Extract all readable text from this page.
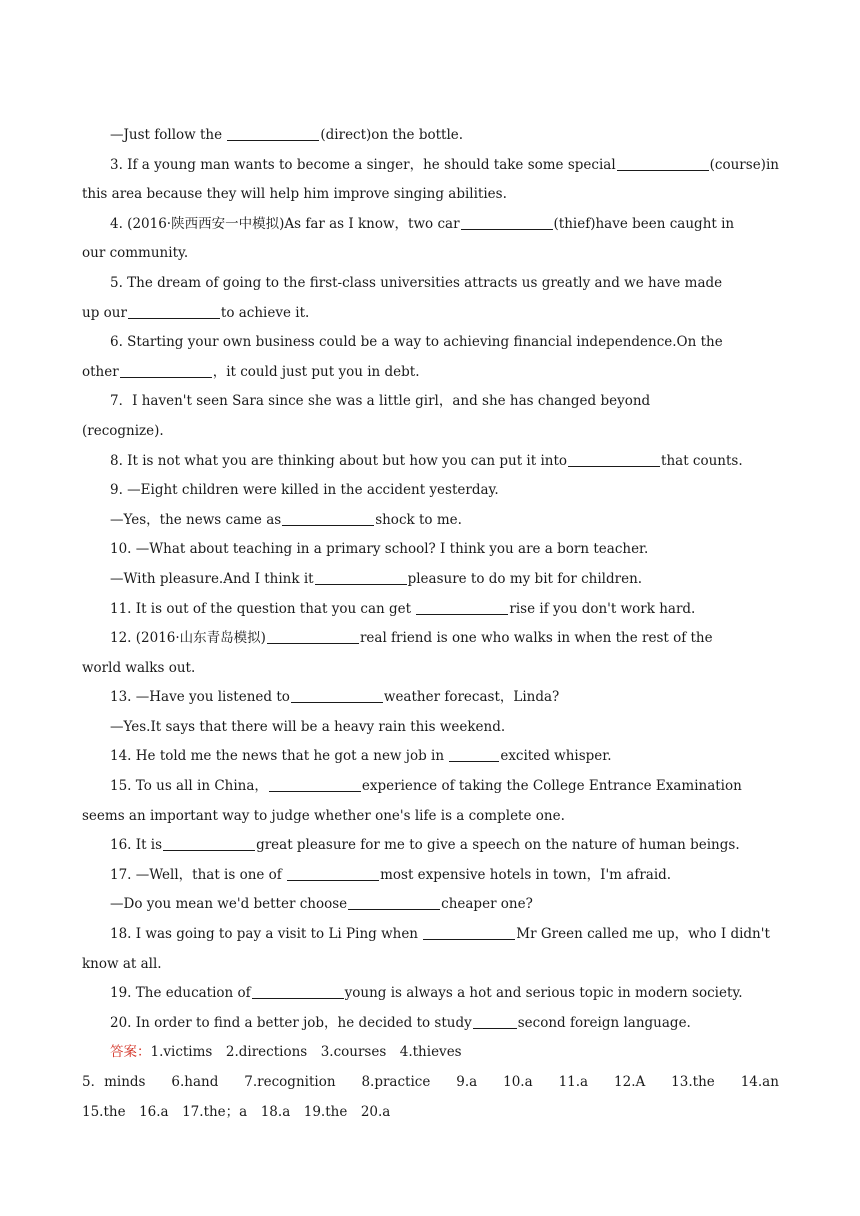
—Just follow the	(direct)on the bottle.
3. If a young man wants to become a singer，he should take some special	(course)in
this area because they will help him improve singing abilities.
4. (2016·陕西西安一中模拟)As far as I know，two car	(thief)have been caught in
our community.
5. The dream of going to the first-class universities attracts us greatly and we have made
up our	to achieve it.
6. Starting your own business could be a way to achieving financial independence.On the
other	，it could just put you in debt.
7．I haven't seen Sara since she was a little girl，and she has changed beyond
(recognize).
8. It is not what you are thinking about but how you can put it into	that counts.
9. —Eight children were killed in the accident yesterday.
—Yes，the news came as	shock to me.
10. —What about teaching in a primary school? I think you are a born teacher.
—With pleasure.And I think it	pleasure to do my bit for children.
11. It is out of the question that you can get	rise if you don't work hard.
12. (2016·山东青岛模拟)	real friend is one who walks in when the rest of the
world walks out.
13. —Have you listened to	weather forecast，Linda?
—Yes.It says that there will be a heavy rain this weekend.
14. He told me the news that he got a new job in	excited whisper.
15. To us all in China，	experience of taking the College Entrance Examination
seems an important way to judge whether one's life is a complete one.
16. It is	great pleasure for me to give a speech on the nature of human beings.
17. —Well，that is one of	most expensive hotels in town，I'm afraid.
—Do you mean we'd better choose	cheaper one?
18. I was going to pay a visit to Li Ping when	Mr Green called me up，who I didn't
know at all.
19. The education of	young is always a hot and serious topic in modern society.
20. In order to find a better job，he decided to study	second foreign language.
答案：1.victims　2.directions　3.courses　4.thieves
5．minds 6.hand 7.recognition 8.practice 9.a 10.a 11.a 12.A 13.the 14.an
15.the　16.a　17.the；a　18.a　19.the　20.a
